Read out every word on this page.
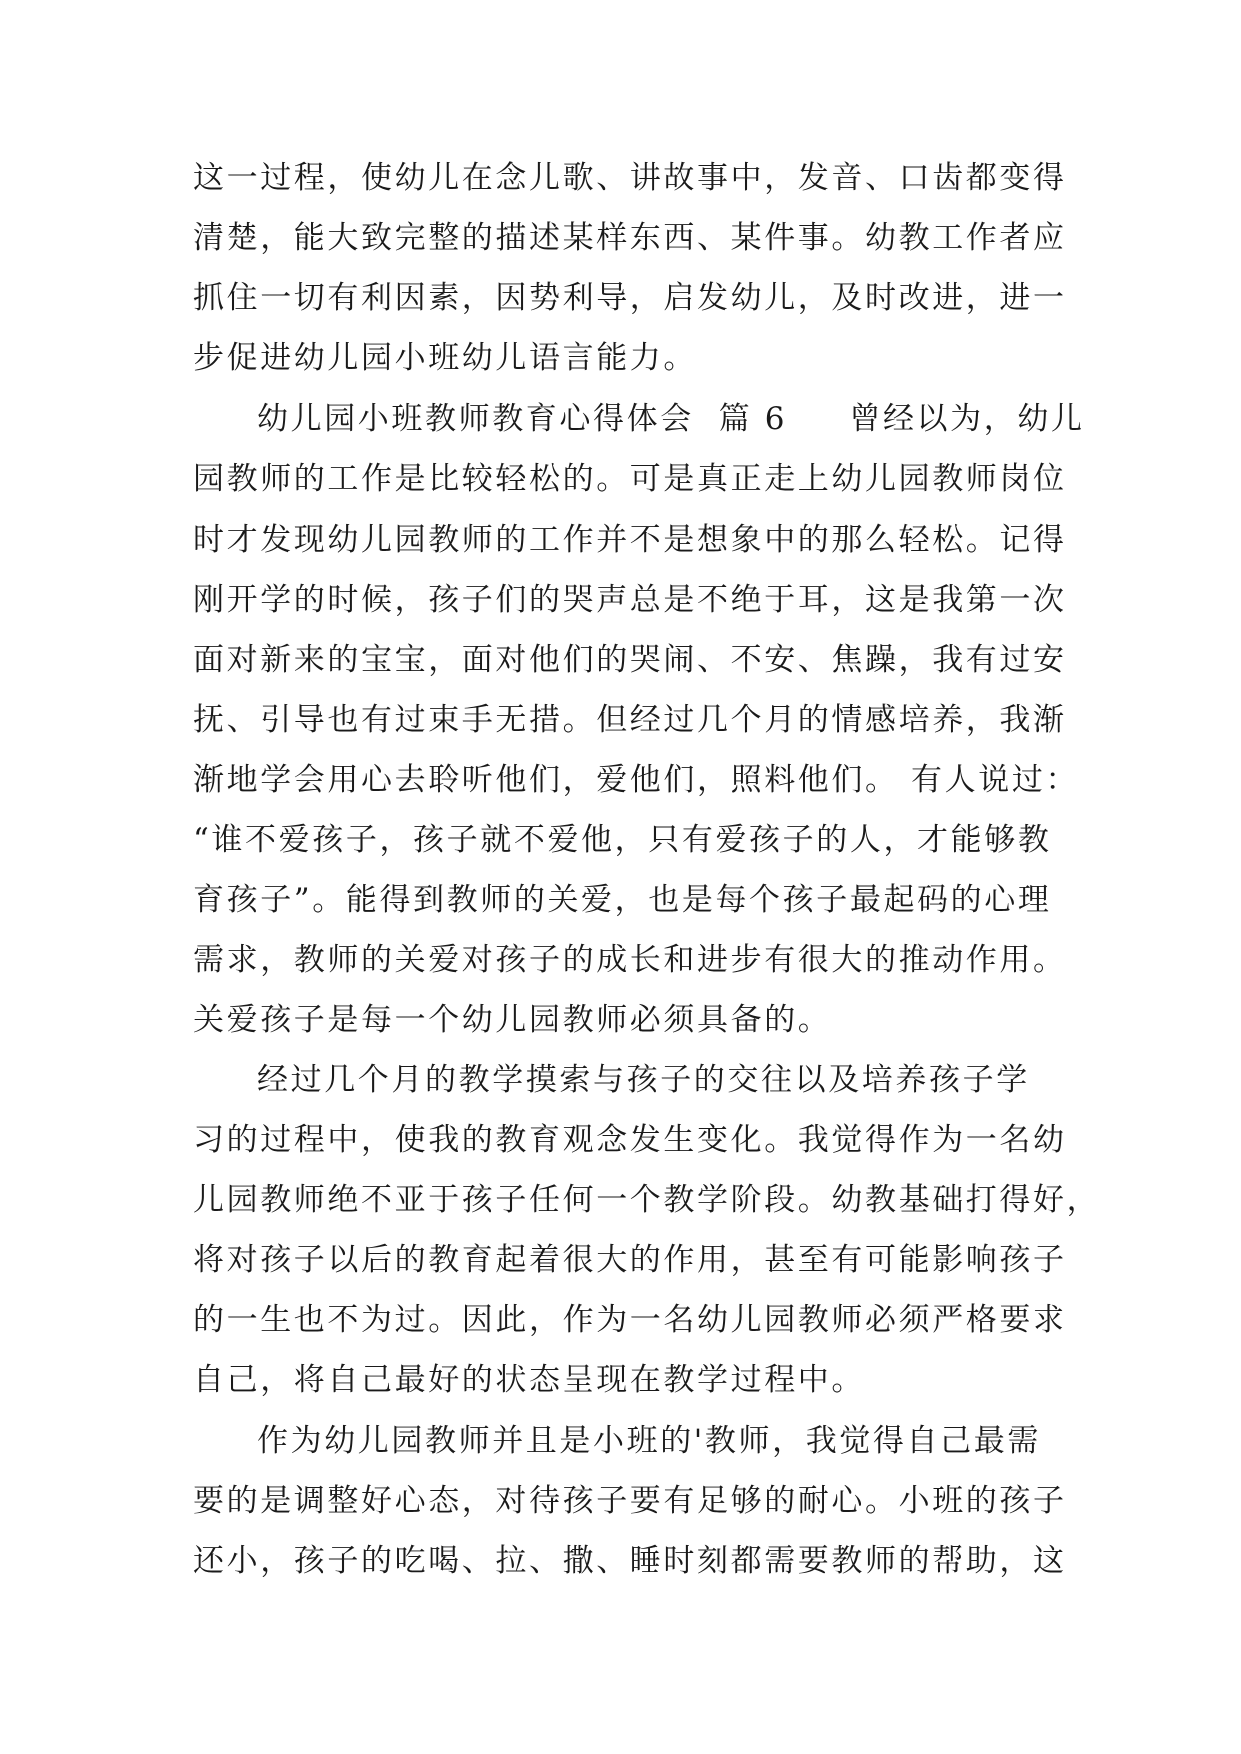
这一过程，使幼儿在念儿歌、讲故事中，发音、口齿都变得
清楚，能大致完整的描述某样东西、某件事。幼教工作者应
抓住一切有利因素，因势利导，启发幼儿，及时改进，进一
步促进幼儿园小班幼儿语言能力。
幼儿园小班教师教育心得体会  篇 6     曾经以为，幼儿
园教师的工作是比较轻松的。可是真正走上幼儿园教师岗位
时才发现幼儿园教师的工作并不是想象中的那么轻松。记得
刚开学的时候，孩子们的哭声总是不绝于耳，这是我第一次
面对新来的宝宝，面对他们的哭闹、不安、焦躁，我有过安
抚、引导也有过束手无措。但经过几个月的情感培养，我渐
渐地学会用心去聆听他们，爱他们，照料他们。 有人说过：
“谁不爱孩子，孩子就不爱他，只有爱孩子的人，才能够教
育孩子”。能得到教师的关爱，也是每个孩子最起码的心理
需求，教师的关爱对孩子的成长和进步有很大的推动作用。
关爱孩子是每一个幼儿园教师必须具备的。
经过几个月的教学摸索与孩子的交往以及培养孩子学
习的过程中，使我的教育观念发生变化。我觉得作为一名幼
儿园教师绝不亚于孩子任何一个教学阶段。幼教基础打得好，
将对孩子以后的教育起着很大的作用，甚至有可能影响孩子
的一生也不为过。因此，作为一名幼儿园教师必须严格要求
自己，将自己最好的状态呈现在教学过程中。
作为幼儿园教师并且是小班的'教师，我觉得自己最需
要的是调整好心态，对待孩子要有足够的耐心。小班的孩子
还小，孩子的吃喝、拉、撒、睡时刻都需要教师的帮助，这
